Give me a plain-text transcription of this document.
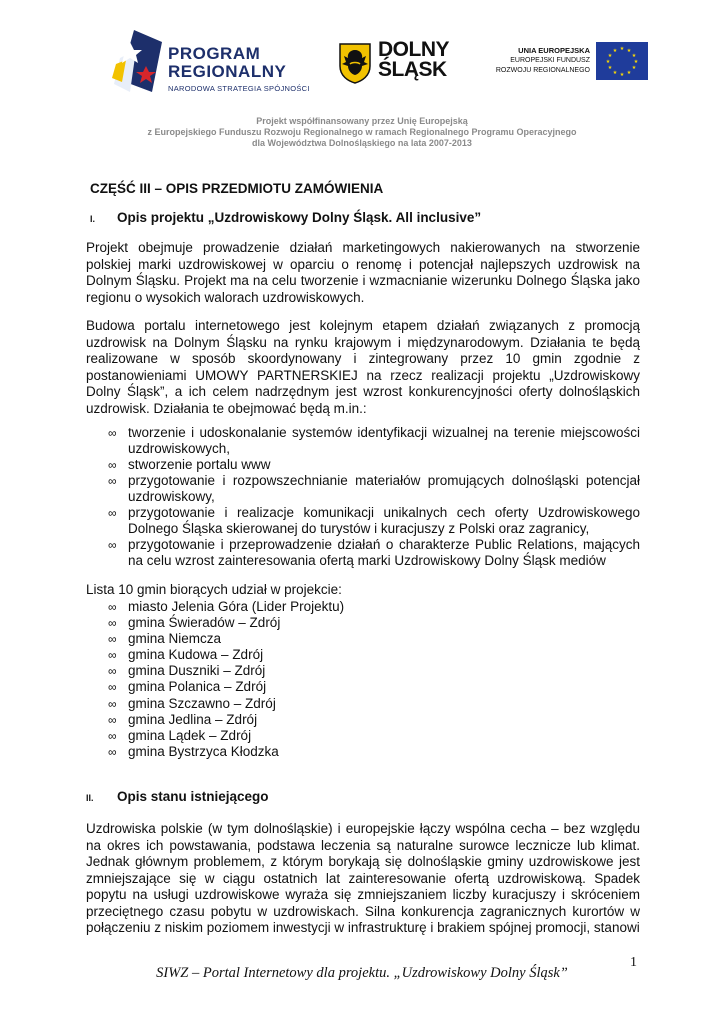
PROGRAM
REGIONALNY
NARODOWA STRATEGIA SPÓJNOŚCI
DOLNY
ŚLĄSK
UNIA EUROPEJSKA
EUROPEJSKI FUNDUSZ
ROZWOJU REGIONALNEGO
★ ★
★
★
★
★
★
★
★
★
★
★
Projekt współfinansowany przez Unię Europejską
z Europejskiego Funduszu Rozwoju Regionalnego w ramach Regionalnego Programu Operacyjnego
dla Województwa Dolnośląskiego na lata 2007-2013
CZĘŚĆ III – OPIS PRZEDMIOTU ZAMÓWIENIA
I. Opis projektu „Uzdrowiskowy Dolny Śląsk. All inclusive”
Projekt obejmuje prowadzenie działań marketingowych nakierowanych na stworzenie polskiej marki uzdrowiskowej w oparciu o renomę i potencjał najlepszych uzdrowisk na Dolnym Śląsku. Projekt ma na celu tworzenie i wzmacnianie wizerunku Dolnego Śląska jako regionu o wysokich walorach uzdrowiskowych.
Budowa portalu internetowego jest kolejnym etapem działań związanych z promocją uzdrowisk na Dolnym Śląsku na rynku krajowym i międzynarodowym. Działania te będą realizowane w sposób skoordynowany i zintegrowany przez 10 gmin zgodnie z postanowieniami UMOWY PARTNERSKIEJ na rzecz realizacji projektu „Uzdrowiskowy Dolny Śląsk”, a ich celem nadrzędnym jest wzrost konkurencyjności oferty dolnośląskich uzdrowisk. Działania te obejmować będą m.in.:
∞ tworzenie i udoskonalanie systemów identyfikacji wizualnej na terenie miejscowości uzdrowiskowych,
∞ stworzenie portalu www
∞ przygotowanie i rozpowszechnianie materiałów promujących dolnośląski potencjał uzdrowiskowy,
∞ przygotowanie i realizacje komunikacji unikalnych cech oferty Uzdrowiskowego Dolnego Śląska skierowanej do turystów i kuracjuszy z Polski oraz zagranicy,
∞ przygotowanie i przeprowadzenie działań o charakterze Public Relations, mających na celu wzrost zainteresowania ofertą marki Uzdrowiskowy Dolny Śląsk mediów
Lista 10 gmin biorących udział w projekcie:
∞ miasto Jelenia Góra (Lider Projektu)
∞ gmina Świeradów – Zdrój
∞ gmina Niemcza
∞ gmina Kudowa – Zdrój
∞ gmina Duszniki – Zdrój
∞ gmina Polanica – Zdrój
∞ gmina Szczawno – Zdrój
∞ gmina Jedlina – Zdrój
∞ gmina Lądek – Zdrój
∞ gmina Bystrzyca Kłodzka
II. Opis stanu istniejącego
Uzdrowiska polskie (w tym dolnośląskie) i europejskie łączy wspólna cecha – bez względu na okres ich powstawania, podstawa leczenia są naturalne surowce lecznicze lub klimat. Jednak głównym problemem, z którym borykają się dolnośląskie gminy uzdrowiskowe jest zmniejszające się w ciągu ostatnich lat zainteresowanie ofertą uzdrowiskową. Spadek popytu na usługi uzdrowiskowe wyraża się zmniejszaniem liczby kuracjuszy i skróceniem przeciętnego czasu pobytu w uzdrowiskach. Silna konkurencja zagranicznych kurortów w połączeniu z niskim poziomem inwestycji w infrastrukturę i brakiem spójnej promocji, stanowi
1
SIWZ – Portal Internetowy dla projektu. „Uzdrowiskowy Dolny Śląsk”
